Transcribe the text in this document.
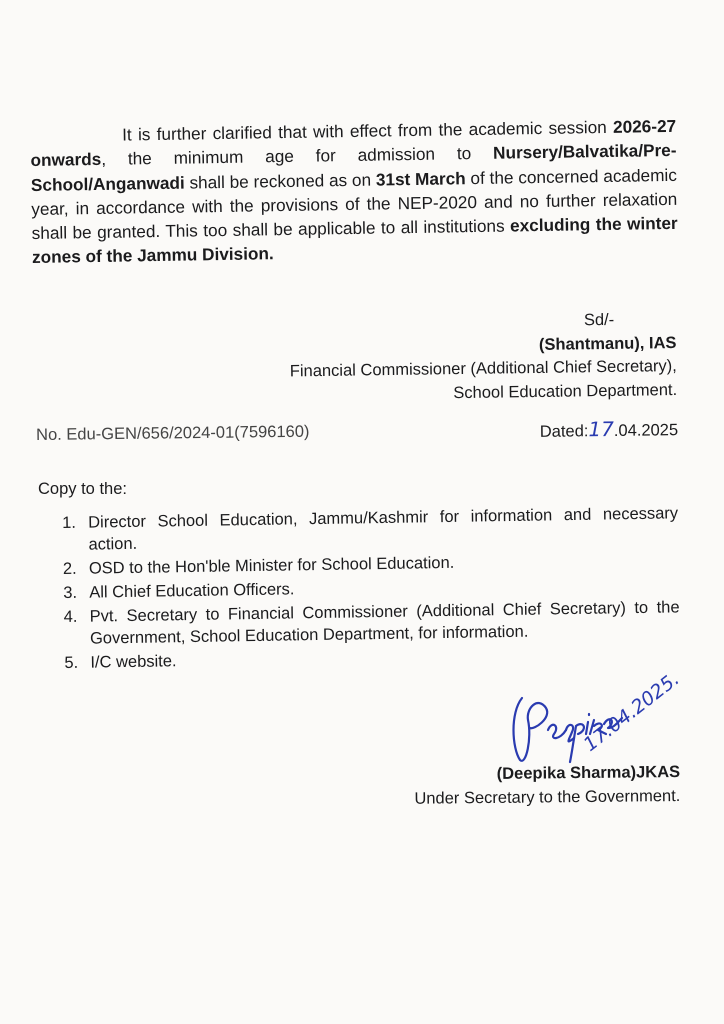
It is further clarified that with effect from the academic session 2026-27 onwards, the minimum age for admission to Nursery/Balvatika/Pre-School/Anganwadi shall be reckoned as on 31st March of the concerned academic year, in accordance with the provisions of the NEP-2020 and no further relaxation shall be granted. This too shall be applicable to all institutions excluding the winter zones of the Jammu Division.
Sd/-
(Shantmanu), IAS
Financial Commissioner (Additional Chief Secretary),
School Education Department.
No. Edu-GEN/656/2024-01(7596160)	Dated:17.04.2025
Copy to the:
1. Director School Education, Jammu/Kashmir for information and necessary action.
2. OSD to the Hon'ble Minister for School Education.
3. All Chief Education Officers.
4. Pvt. Secretary to Financial Commissioner (Additional Chief Secretary) to the Government, School Education Department, for information.
5. I/C website.
17.04.2025.
(Deepika Sharma)JKAS
Under Secretary to the Government.
